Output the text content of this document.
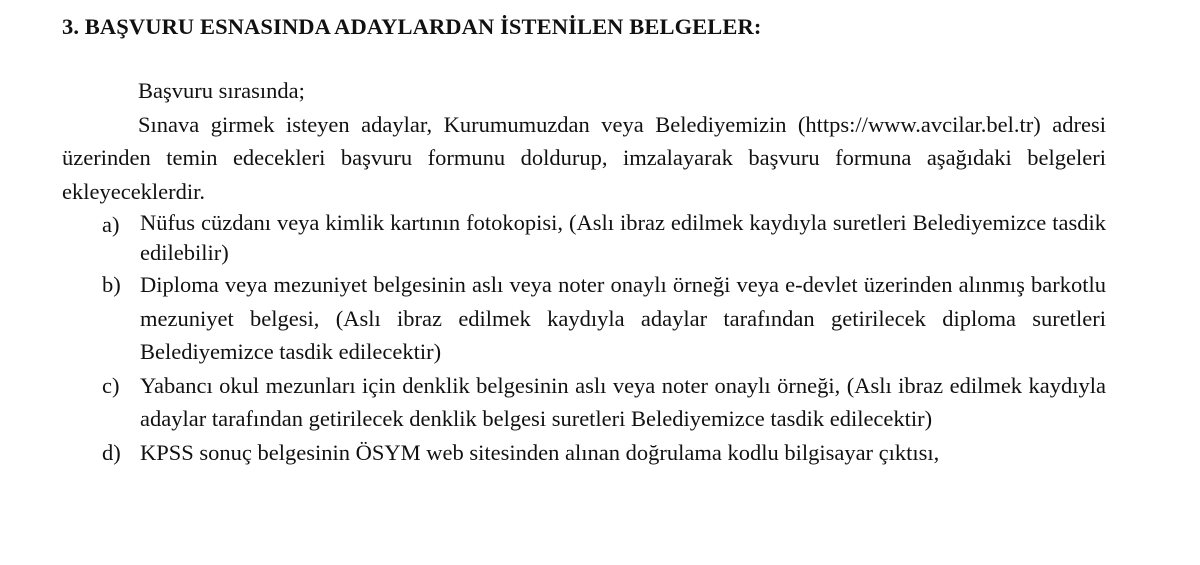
3. BAŞVURU ESNASINDA ADAYLARDAN İSTENİLEN BELGELER:

Başvuru sırasında;

Sınava girmek isteyen adaylar, Kurumumuzdan veya Belediyemizin (https://www.avcilar.bel.tr) adresi üzerinden temin edecekleri başvuru formunu doldurup, imzalayarak başvuru formuna aşağıdaki belgeleri ekleyeceklerdir.

a) Nüfus cüzdanı veya kimlik kartının fotokopisi, (Aslı ibraz edilmek kaydıyla suretleri Belediyemizce tasdik edilebilir)
b) Diploma veya mezuniyet belgesinin aslı veya noter onaylı örneği veya e-devlet üzerinden alınmış barkotlu mezuniyet belgesi, (Aslı ibraz edilmek kaydıyla adaylar tarafından getirilecek diploma suretleri Belediyemizce tasdik edilecektir)
c) Yabancı okul mezunları için denklik belgesinin aslı veya noter onaylı örneği, (Aslı ibraz edilmek kaydıyla adaylar tarafından getirilecek denklik belgesi suretleri Belediyemizce tasdik edilecektir)
d) KPSS sonuç belgesinin ÖSYM web sitesinden alınan doğrulama kodlu bilgisayar çıktısı,
